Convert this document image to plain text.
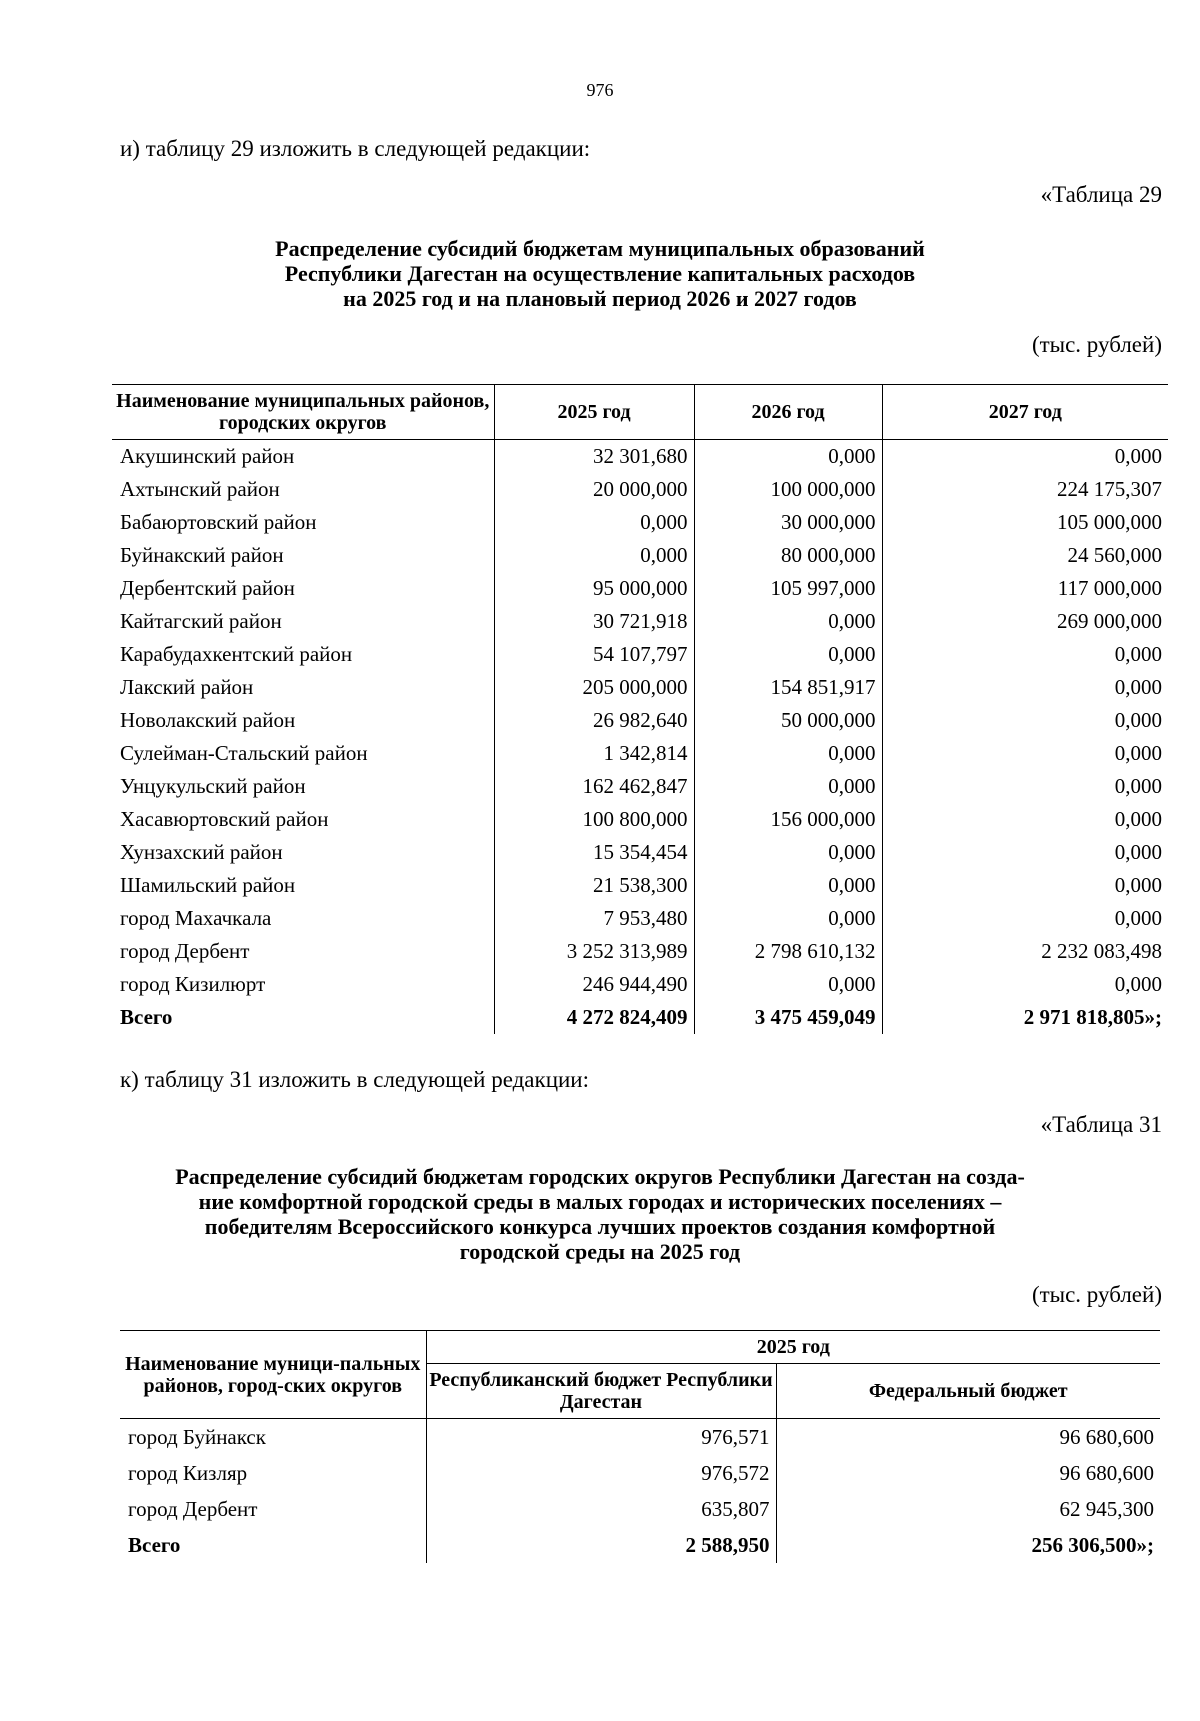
976
и) таблицу 29 изложить в следующей редакции:
«Таблица 29
Распределение субсидий бюджетам муниципальных образований
Республики Дагестан на осуществление капитальных расходов
на 2025 год и на плановый период 2026 и 2027 годов
(тыс. рублей)
Наименование муниципальных районов, городских округов	2025 год	2026 год	2027 год
Акушинский район	32 301,680	0,000	0,000
Ахтынский район	20 000,000	100 000,000	224 175,307
Бабаюртовский район	0,000	30 000,000	105 000,000
Буйнакский район	0,000	80 000,000	24 560,000
Дербентский район	95 000,000	105 997,000	117 000,000
Кайтагский район	30 721,918	0,000	269 000,000
Карабудахкентский район	54 107,797	0,000	0,000
Лакский район	205 000,000	154 851,917	0,000
Новолакский район	26 982,640	50 000,000	0,000
Сулейман-Стальский район	1 342,814	0,000	0,000
Унцукульский район	162 462,847	0,000	0,000
Хасавюртовский район	100 800,000	156 000,000	0,000
Хунзахский район	15 354,454	0,000	0,000
Шамильский район	21 538,300	0,000	0,000
город Махачкала	7 953,480	0,000	0,000
город Дербент	3 252 313,989	2 798 610,132	2 232 083,498
город Кизилюрт	246 944,490	0,000	0,000
Всего	4 272 824,409	3 475 459,049	2 971 818,805»;
к) таблицу 31 изложить в следующей редакции:
«Таблица 31
Распределение субсидий бюджетам городских округов Республики Дагестан на созда-
ние комфортной городской среды в малых городах и исторических поселениях –
победителям Всероссийского конкурса лучших проектов создания комфортной
городской среды на 2025 год
(тыс. рублей)
Наименование муници-пальных районов, город-ских округов	2025 год	
	Республиканский бюджет Республики Дагестан	Федеральный бюджет
город Буйнакск	976,571	96 680,600
город Кизляр	976,572	96 680,600
город Дербент	635,807	62 945,300
Всего	2 588,950	256 306,500»;
